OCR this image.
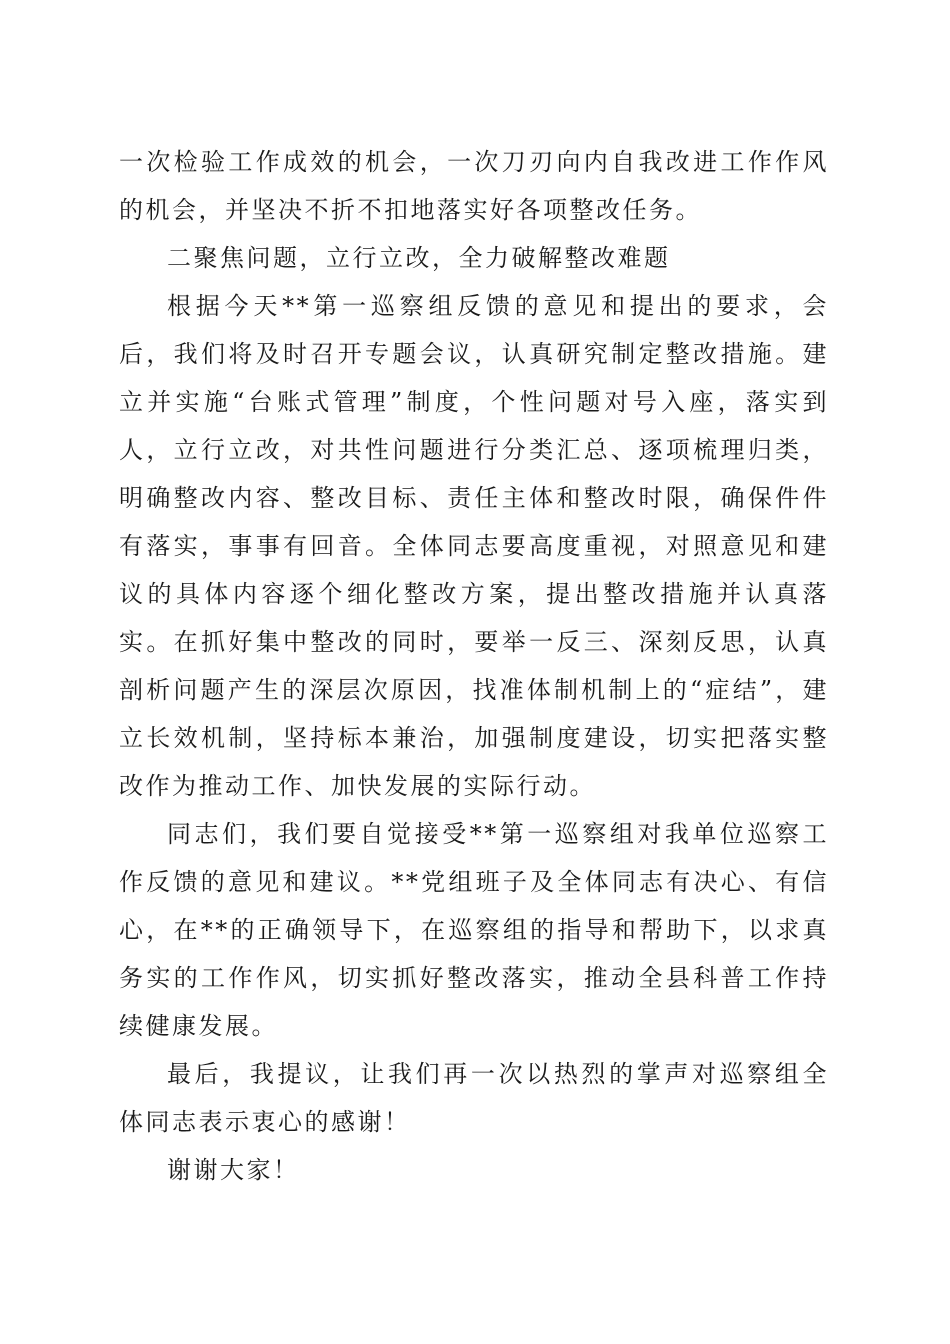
一次检验工作成效的机会，一次刀刃向内自我改进工作作风的机会，并坚决不折不扣地落实好各项整改任务。

二聚焦问题，立行立改，全力破解整改难题

根据今天**第一巡察组反馈的意见和提出的要求，会后，我们将及时召开专题会议，认真研究制定整改措施。建立并实施“台账式管理”制度，个性问题对号入座，落实到人，立行立改，对共性问题进行分类汇总、逐项梳理归类，明确整改内容、整改目标、责任主体和整改时限，确保件件有落实，事事有回音。全体同志要高度重视，对照意见和建议的具体内容逐个细化整改方案，提出整改措施并认真落实。在抓好集中整改的同时，要举一反三、深刻反思，认真剖析问题产生的深层次原因，找准体制机制上的“症结”，建立长效机制，坚持标本兼治，加强制度建设，切实把落实整改作为推动工作、加快发展的实际行动。

同志们，我们要自觉接受**第一巡察组对我单位巡察工作反馈的意见和建议。**党组班子及全体同志有决心、有信心，在**的正确领导下，在巡察组的指导和帮助下，以求真务实的工作作风，切实抓好整改落实，推动全县科普工作持续健康发展。

最后，我提议，让我们再一次以热烈的掌声对巡察组全体同志表示衷心的感谢！

谢谢大家！
